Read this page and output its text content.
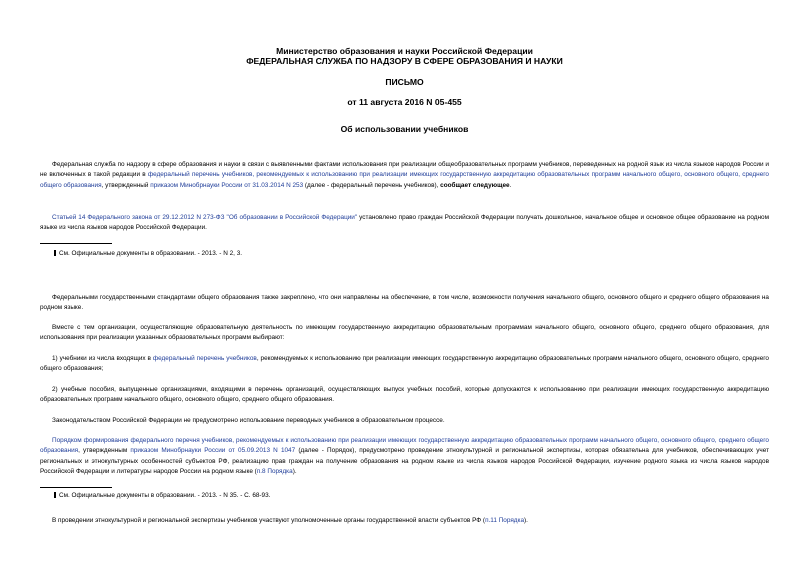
Министерство образования и науки Российской Федерации
ФЕДЕРАЛЬНАЯ СЛУЖБА ПО НАДЗОРУ В СФЕРЕ ОБРАЗОВАНИЯ И НАУКИ
ПИСЬМО
от 11 августа 2016 N 05-455
Об использовании учебников

Федеральная служба по надзору в сфере образования и науки в связи с выявленными фактами использования при реализации общеобразовательных программ учебников, переведенных на родной язык из числа языков народов России и не включенных в такой редакции в федеральный перечень учебников, рекомендуемых к использованию при реализации имеющих государственную аккредитацию образовательных программ начального общего, основного общего, среднего общего образования, утвержденный приказом Минобрнауки России от 31.03.2014 N 253 (далее - федеральный перечень учебников), сообщает следующее.

Статьей 14 Федерального закона от 29.12.2012 N 273-ФЗ "Об образовании в Российской Федерации" установлено право граждан Российской Федерации получать дошкольное, начальное общее и основное общее образование на родном языке из числа языков народов Российской Федерации.

См. Официальные документы в образовании. - 2013. - N 2, 3.

Федеральными государственными стандартами общего образования также закреплено, что они направлены на обеспечение, в том числе, возможности получения начального общего, основного общего и среднего общего образования на родном языке.

Вместе с тем организации, осуществляющие образовательную деятельность по имеющим государственную аккредитацию образовательным программам начального общего, основного общего, среднего общего образования, для использования при реализации указанных образовательных программ выбирают:

1) учебники из числа входящих в федеральный перечень учебников, рекомендуемых к использованию при реализации имеющих государственную аккредитацию образовательных программ начального общего, основного общего, среднего общего образования;

2) учебные пособия, выпущенные организациями, входящими в перечень организаций, осуществляющих выпуск учебных пособий, которые допускаются к использованию при реализации имеющих государственную аккредитацию образовательных программ начального общего, основного общего, среднего общего образования.

Законодательством Российской Федерации не предусмотрено использование переводных учебников в образовательном процессе.

Порядком формирования федерального перечня учебников, рекомендуемых к использованию при реализации имеющих государственную аккредитацию образовательных программ начального общего, основного общего, среднего общего образования, утвержденным приказом Минобрнауки России от 05.09.2013 N 1047 (далее - Порядок), предусмотрено проведение этнокультурной и региональной экспертизы, которая обязательна для учебников, обеспечивающих учет региональных и этнокультурных особенностей субъектов РФ, реализацию прав граждан на получение образования на родном языке из числа языков народов Российской Федерации, изучение родного языка из числа языков народов Российской Федерации и литературы народов России на родном языке (п.8 Порядка).

См. Официальные документы в образовании. - 2013. - N 35. - С. 68-93.

В проведении этнокультурной и региональной экспертизы учебников участвуют уполномоченные органы государственной власти субъектов РФ (п.11 Порядка).
